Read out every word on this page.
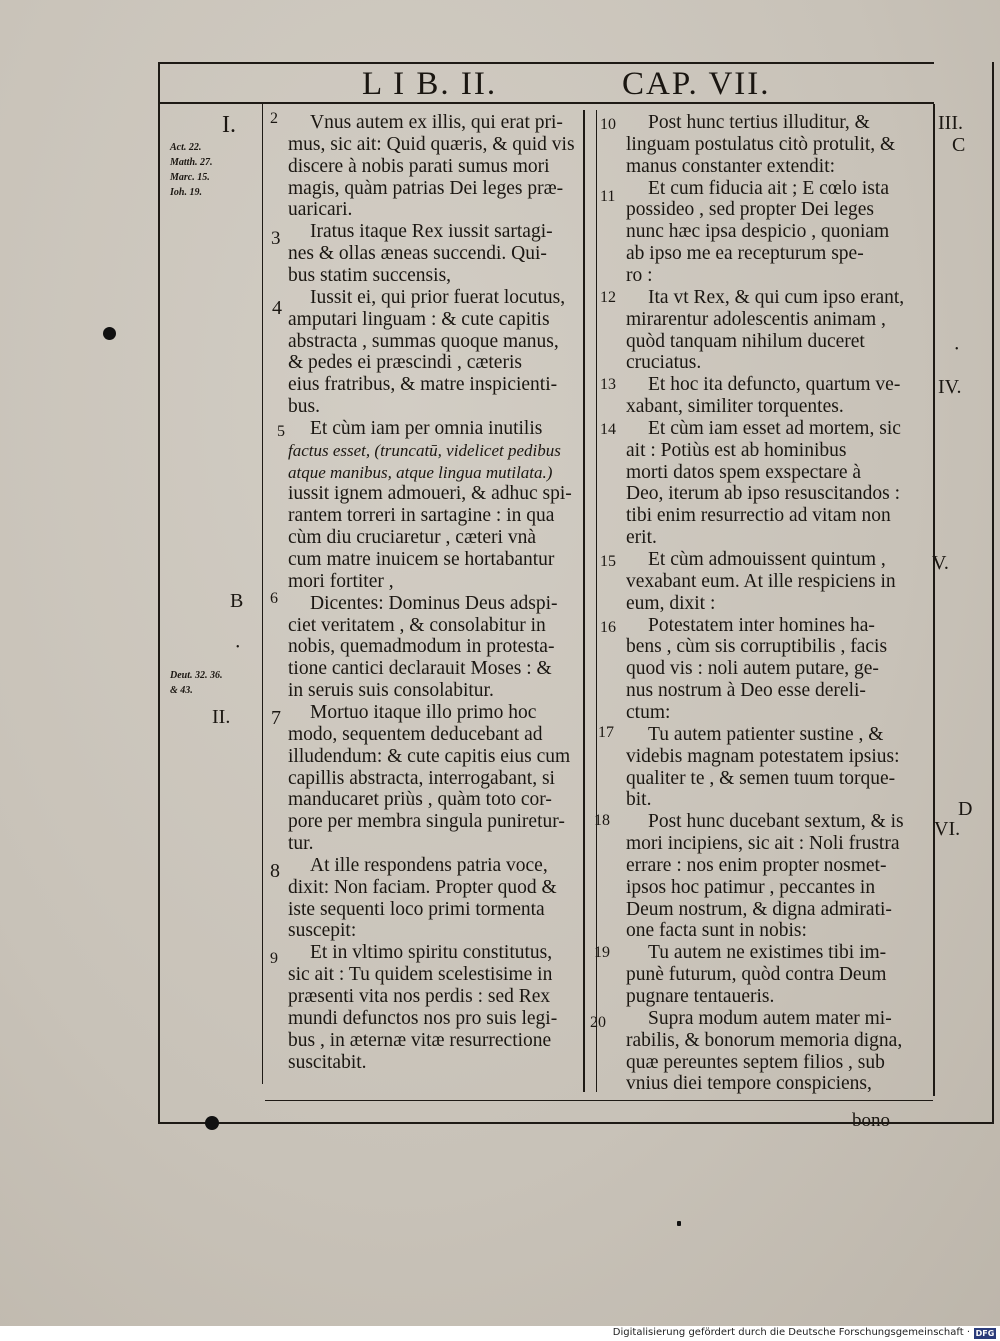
L I B. II.	CAP. VII.
I.
Act. 22.
Matth. 27.
Marc. 15.
Ioh. 19.
B
•
Deut. 32. 36.
& 43.
II.
III.
C
•
IV.
V.
D
VI.
2
3
4
5
6
7
8
9
10
11
12
13
14
15
16
17
18
19
20
Vnus autem ex illis, qui erat pri-
mus, sic ait: Quid quæris, & quid vis
discere à nobis parati sumus mori
magis, quàm patrias Dei leges præ-
uaricari.
Iratus itaque Rex iussit sartagi-
nes & ollas æneas succendi. Qui-
bus statim succensis,
Iussit ei, qui prior fuerat locutus,
amputari linguam : & cute capitis
abstracta , summas quoque manus,
& pedes ei præscindi , cæteris
eius fratribus, & matre inspicienti-
bus.
Et cùm iam per omnia inutilis
factus esset, (truncatū, videlicet pedibus
atque manibus, atque lingua mutilata.)
iussit ignem admoueri, & adhuc spi-
rantem torreri in sartagine : in qua
cùm diu cruciaretur , cæteri vnà
cum matre inuicem se hortabantur
mori fortiter ,
Dicentes: Dominus Deus adspi-
ciet veritatem , & consolabitur in
nobis, quemadmodum in protesta-
tione cantici declarauit Moses : &
in seruis suis consolabitur.
Mortuo itaque illo primo hoc
modo, sequentem deducebant ad
illudendum: & cute capitis eius cum
capillis abstracta, interrogabant, si
manducaret priùs , quàm toto cor-
pore per membra singula puniretur-
tur.
At ille respondens patria voce,
dixit: Non faciam. Propter quod &
iste sequenti loco primi tormenta
suscepit:
Et in vltimo spiritu constitutus,
sic ait : Tu quidem scelestisime in
præsenti vita nos perdis : sed Rex
mundi defunctos nos pro suis legi-
bus , in æternæ vitæ resurrectione
suscitabit.
Post hunc tertius illuditur, &
linguam postulatus citò protulit, &
manus constanter extendit:
Et cum fiducia ait ; E cœlo ista
possideo , sed propter Dei leges
nunc hæc ipsa despicio , quoniam
ab ipso me ea recepturum spe-
ro :
Ita vt Rex, & qui cum ipso erant,
mirarentur adolescentis animam ,
quòd tanquam nihilum duceret
cruciatus.
Et hoc ita defuncto, quartum ve-
xabant, similiter torquentes.
Et cùm iam esset ad mortem, sic
ait : Potiùs est ab hominibus
morti datos spem exspectare à
Deo, iterum ab ipso resuscitandos :
tibi enim resurrectio ad vitam non
erit.
Et cùm admouissent quintum ,
vexabant eum. At ille respiciens in
eum, dixit :
Potestatem inter homines ha-
bens , cùm sis corruptibilis , facis
quod vis : noli autem putare, ge-
nus nostrum à Deo esse dereli-
ctum:
Tu autem patienter sustine , &
videbis magnam potestatem ipsius:
qualiter te , & semen tuum torque-
bit.
Post hunc ducebant sextum, & is
mori incipiens, sic ait : Noli frustra
errare : nos enim propter nosmet-
ipsos hoc patimur , peccantes in
Deum nostrum, & digna admirati-
one facta sunt in nobis:
Tu autem ne existimes tibi im-
punè futurum, quòd contra Deum
pugnare tentaueris.
Supra modum autem mater mi-
rabilis, & bonorum memoria digna,
quæ pereuntes septem filios , sub
vnius diei tempore conspiciens,
bono
Digitalisierung gefördert durch die Deutsche Forschungsgemeinschaft · DFG
